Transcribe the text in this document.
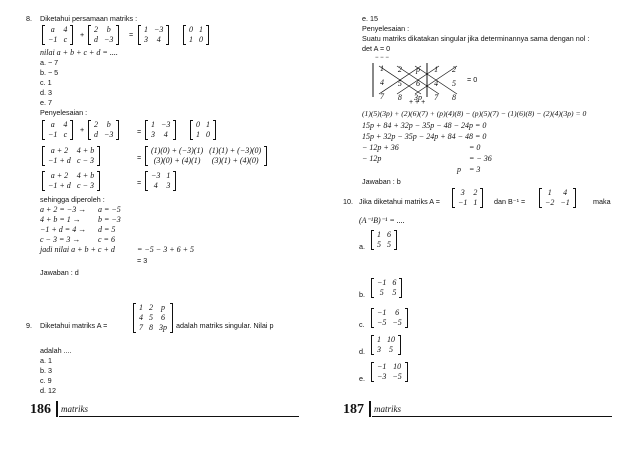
8. Diketahui persamaan matriks :
a	4
−1	c
+
2	b
d	−3
=
1	−3
3	4
0	1
1	0
nilai a + b + c + d = ....
a. − 7
b. − 5
c. 1
d. 3
e. 7
Penyelesaian :
a	4
−1	c
+
2	b
d	−3	=
1	−3
3	4
0	1
1	0
a + 2	4 + b
−1 + d	c − 3	=
(1)(0) + (−3)(1)	(1)(1) + (−3)(0)
(3)(0) + (4)(1)	(3)(1) + (4)(0)
a + 2	4 + b
−1 + d	c − 3	=
−3	1
4	3
sehingga diperoleh :
a + 2 = −3 → a = −5
4 + b = 1 → b = −3
−1 + d = 4 → d = 5
c − 3 = 3 → c = 6
jadi nilai a + b + c + d	= −5 − 3 + 6 + 5
= 3
Jawaban : d
9. Diketahui matriks A =
1	2	p
4	5	6
7	8	3p adalah matriks singular. Nilai p
adalah ....
a. 1
b. 3
c. 9
d. 12
186 matriks
e. 15
Penyelesaian :
Suatu matriks dikatakan singular jika determinannya sama dengan nol :
det A = 0
− − −
1	2	p	1	2
4	5	6	4	5
7	8	3p	7	8
= 0
+ + +
(1)(5)(3p) + (2)(6)(7) + (p)(4)(8) − (p)(5)(7) − (1)(6)(8) − (2)(4)(3p) = 0
15p + 84 + 32p − 35p − 48 − 24p = 0
15p + 32p − 35p − 24p + 84 − 48 = 0
− 12p + 36	= 0
− 12p	= − 36
p = 3
Jawaban : b
10. Jika diketahui matriks A =
3	2
−1	1 dan B⁻¹ =
1	4
−2	−1	maka
(A⁻¹B)⁻¹ = ....
a.
1	6
5	5
b.
−1	6
5	5
c.
−1	6
−5	−5
d.
1	10
3	5
e.
−1	10
−3	−5
187 matriks
